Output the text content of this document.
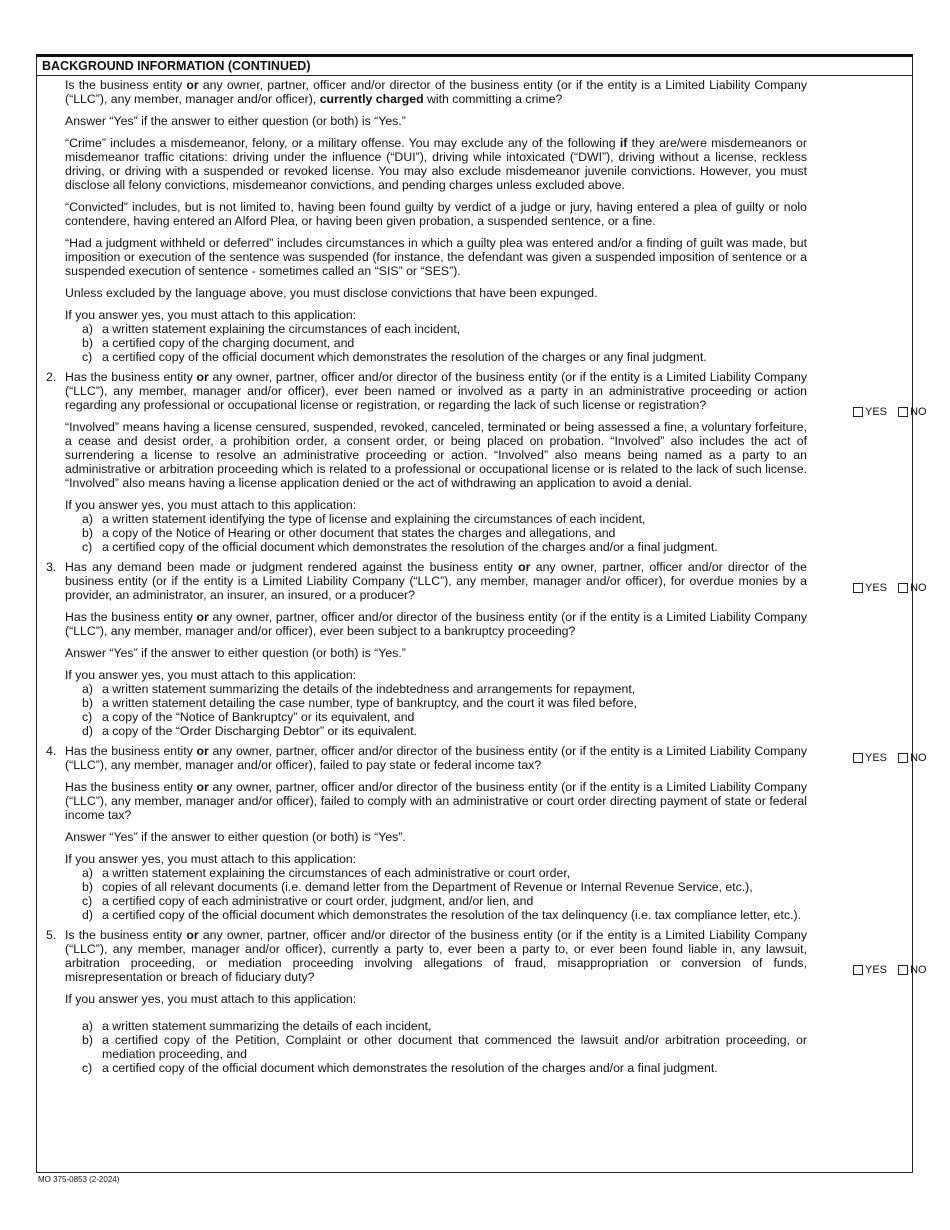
BACKGROUND INFORMATION (CONTINUED)

Is the business entity or any owner, partner, officer and/or director of the business entity (or if the entity is a Limited Liability Company (“LLC”), any member, manager and/or officer), currently charged with committing a crime?

Answer “Yes” if the answer to either question (or both) is “Yes.”

“Crime” includes a misdemeanor, felony, or a military offense. You may exclude any of the following if they are/were misdemeanors or misdemeanor traffic citations: driving under the influence (“DUI”), driving while intoxicated (“DWI”), driving without a license, reckless driving, or driving with a suspended or revoked license. You may also exclude misdemeanor juvenile convictions. However, you must disclose all felony convictions, misdemeanor convictions, and pending charges unless excluded above.

“Convicted” includes, but is not limited to, having been found guilty by verdict of a judge or jury, having entered a plea of guilty or nolo contendere, having entered an Alford Plea, or having been given probation, a suspended sentence, or a fine.

“Had a judgment withheld or deferred” includes circumstances in which a guilty plea was entered and/or a finding of guilt was made, but imposition or execution of the sentence was suspended (for instance, the defendant was given a suspended imposition of sentence or a suspended execution of sentence - sometimes called an “SIS” or “SES”).

Unless excluded by the language above, you must disclose convictions that have been expunged.

If you answer yes, you must attach to this application:

a) a written statement explaining the circumstances of each incident,
b) a certified copy of the charging document, and
c) a certified copy of the official document which demonstrates the resolution of the charges or any final judgment.
2. Has the business entity or any owner, partner, officer and/or director of the business entity (or if the entity is a Limited Liability Company (“LLC”), any member, manager and/or officer), ever been named or involved as a party in an administrative proceeding or action regarding any professional or occupational license or registration, or regarding the lack of such license or registration?	YES NO

“Involved” means having a license censured, suspended, revoked, canceled, terminated or being assessed a fine, a voluntary forfeiture, a cease and desist order, a prohibition order, a consent order, or being placed on probation. “Involved” also includes the act of surrendering a license to resolve an administrative proceeding or action. “Involved” also means being named as a party to an administrative or arbitration proceeding which is related to a professional or occupational license or is related to the lack of such license. “Involved” also means having a license application denied or the act of withdrawing an application to avoid a denial.

If you answer yes, you must attach to this application:

a) a written statement identifying the type of license and explaining the circumstances of each incident,
b) a copy of the Notice of Hearing or other document that states the charges and allegations, and
c) a certified copy of the official document which demonstrates the resolution of the charges and/or a final judgment.
3. Has any demand been made or judgment rendered against the business entity or any owner, partner, officer and/or director of the business entity (or if the entity is a Limited Liability Company (“LLC”), any member, manager and/or officer), for overdue monies by a provider, an administrator, an insurer, an insured, or a producer?	YES NO

Has the business entity or any owner, partner, officer and/or director of the business entity (or if the entity is a Limited Liability Company (“LLC”), any member, manager and/or officer), ever been subject to a bankruptcy proceeding?

Answer “Yes” if the answer to either question (or both) is “Yes.”

If you answer yes, you must attach to this application:

a) a written statement summarizing the details of the indebtedness and arrangements for repayment,
b) a written statement detailing the case number, type of bankruptcy, and the court it was filed before,
c) a copy of the “Notice of Bankruptcy” or its equivalent, and
d) a copy of the “Order Discharging Debtor” or its equivalent.
4. Has the business entity or any owner, partner, officer and/or director of the business entity (or if the entity is a Limited Liability Company (“LLC”), any member, manager and/or officer), failed to pay state or federal income tax?	YES NO

Has the business entity or any owner, partner, officer and/or director of the business entity (or if the entity is a Limited Liability Company (“LLC”), any member, manager and/or officer), failed to comply with an administrative or court order directing payment of state or federal income tax?

Answer “Yes” if the answer to either question (or both) is “Yes”.

If you answer yes, you must attach to this application:

a) a written statement explaining the circumstances of each administrative or court order,
b) copies of all relevant documents (i.e. demand letter from the Department of Revenue or Internal Revenue Service, etc.),
c) a certified copy of each administrative or court order, judgment, and/or lien, and
d) a certified copy of the official document which demonstrates the resolution of the tax delinquency (i.e. tax compliance letter, etc.).
5. Is the business entity or any owner, partner, officer and/or director of the business entity (or if the entity is a Limited Liability Company (“LLC”), any member, manager and/or officer), currently a party to, ever been a party to, or ever been found liable in, any lawsuit, arbitration proceeding, or mediation proceeding involving allegations of fraud, misappropriation or conversion of funds, misrepresentation or breach of fiduciary duty?	YES NO

If you answer yes, you must attach to this application:

a) a written statement summarizing the details of each incident,
b) a certified copy of the Petition, Complaint or other document that commenced the lawsuit and/or arbitration proceeding, or mediation proceeding, and
c) a certified copy of the official document which demonstrates the resolution of the charges and/or a final judgment.
MO 375-0853 (2-2024)
